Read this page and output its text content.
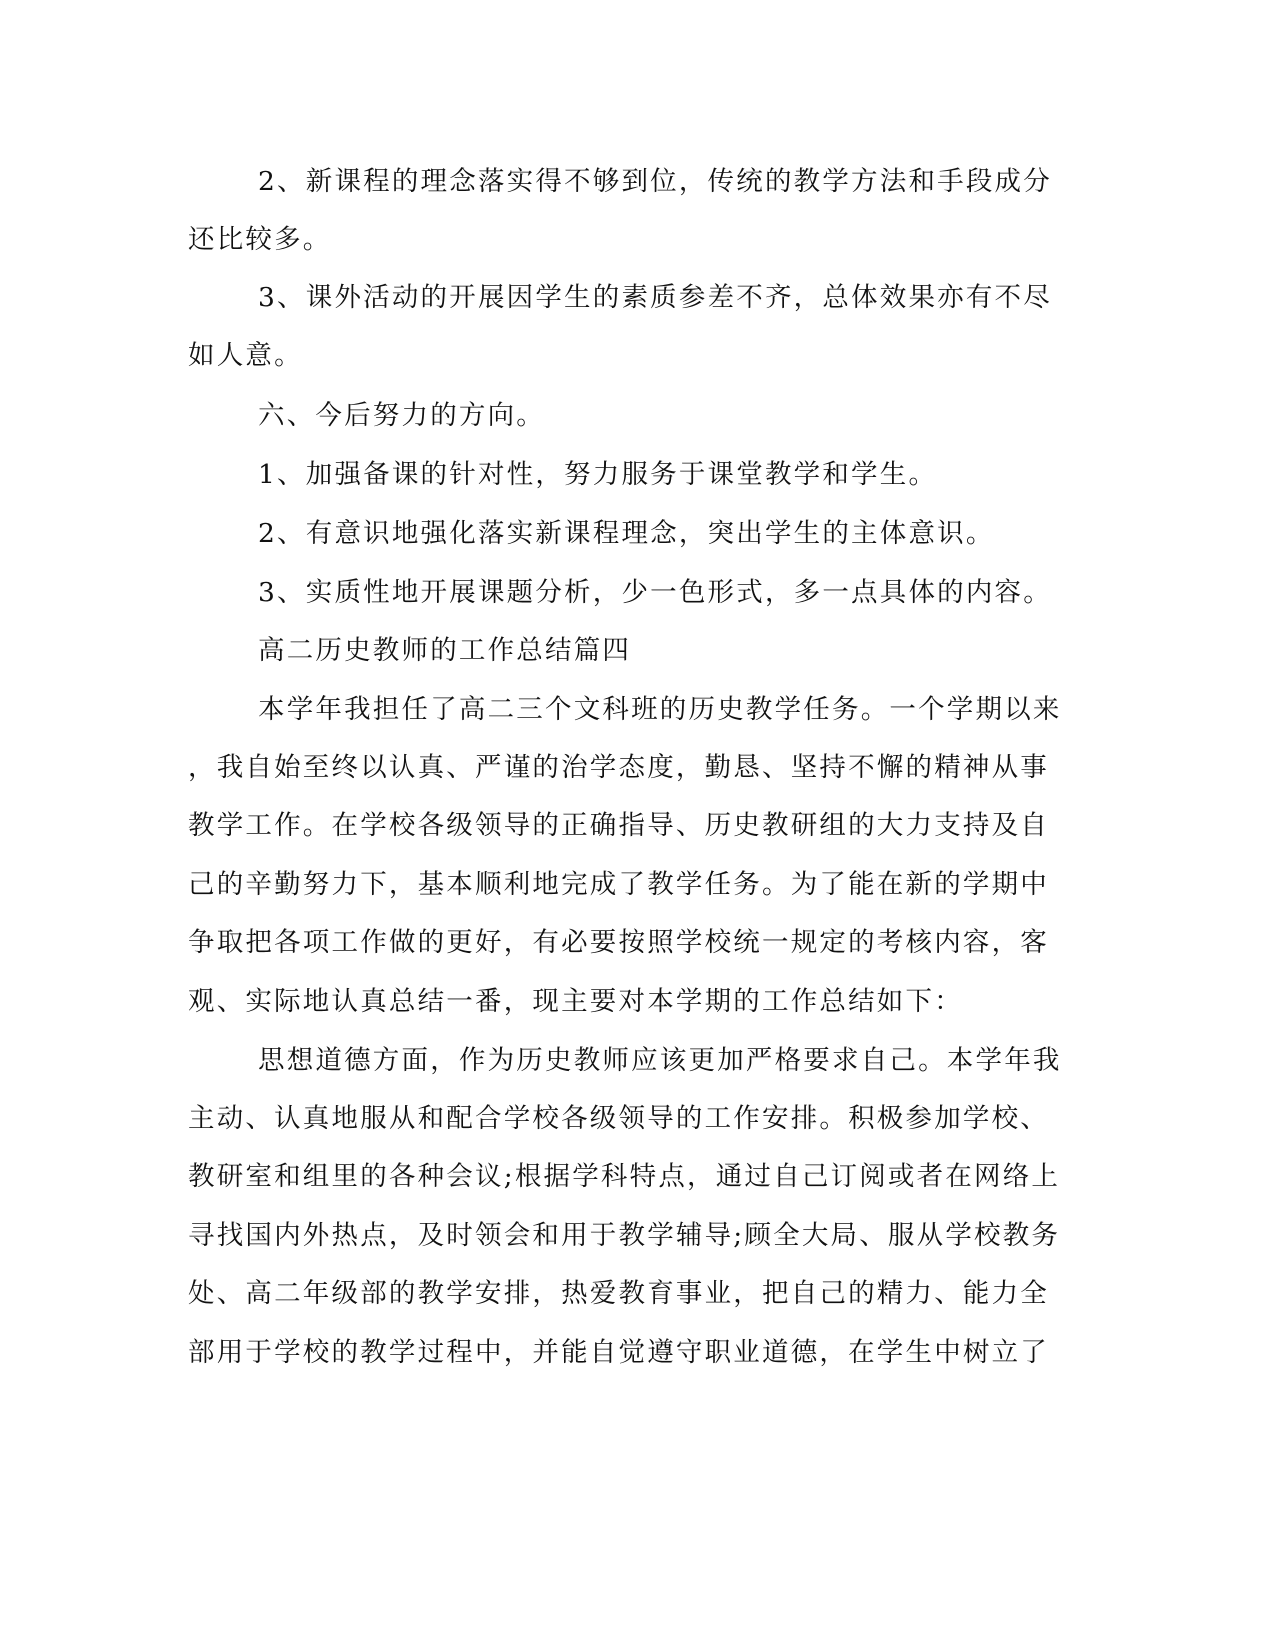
2、新课程的理念落实得不够到位，传统的教学方法和手段成分

还比较多。

3、课外活动的开展因学生的素质参差不齐，总体效果亦有不尽

如人意。

六、今后努力的方向。

1、加强备课的针对性，努力服务于课堂教学和学生。

2、有意识地强化落实新课程理念，突出学生的主体意识。

3、实质性地开展课题分析，少一色形式，多一点具体的内容。

高二历史教师的工作总结篇四

本学年我担任了高二三个文科班的历史教学任务。一个学期以来

，我自始至终以认真、严谨的治学态度，勤恳、坚持不懈的精神从事

教学工作。在学校各级领导的正确指导、历史教研组的大力支持及自

己的辛勤努力下，基本顺利地完成了教学任务。为了能在新的学期中

争取把各项工作做的更好，有必要按照学校统一规定的考核内容，客

观、实际地认真总结一番，现主要对本学期的工作总结如下：

思想道德方面，作为历史教师应该更加严格要求自己。本学年我

主动、认真地服从和配合学校各级领导的工作安排。积极参加学校、

教研室和组里的各种会议;根据学科特点，通过自己订阅或者在网络上

寻找国内外热点，及时领会和用于教学辅导;顾全大局、服从学校教务

处、高二年级部的教学安排，热爱教育事业，把自己的精力、能力全

部用于学校的教学过程中，并能自觉遵守职业道德，在学生中树立了
